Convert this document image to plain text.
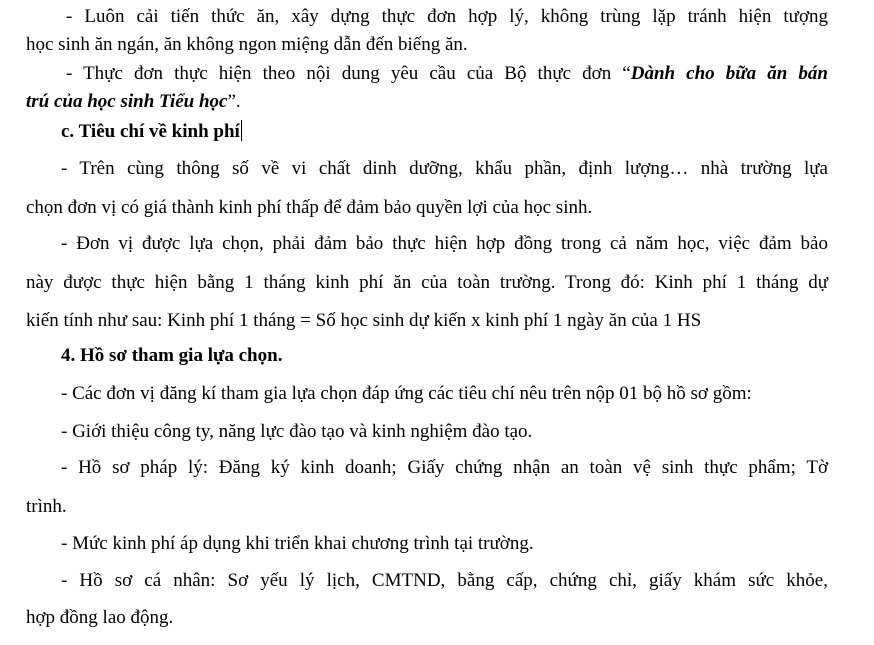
- Luôn cải tiến thức ăn, xây dựng thực đơn hợp lý, không trùng lặp tránh hiện tượng
học sinh ăn ngán, ăn không ngon miệng dẫn đến biếng ăn.
- Thực đơn thực hiện theo nội dung yêu cầu của Bộ thực đơn “Dành cho bữa ăn bán
trú của học sinh Tiểu học”.
c. Tiêu chí về kinh phí
- Trên cùng thông số về vi chất dinh dưỡng, khẩu phần, định lượng… nhà trường lựa
chọn đơn vị có giá thành kinh phí thấp để đảm bảo quyền lợi của học sinh.
- Đơn vị được lựa chọn, phải đảm bảo thực hiện hợp đồng trong cả năm học, việc đảm bảo
này được thực hiện bằng 1 tháng kinh phí ăn của toàn trường. Trong đó: Kinh phí 1 tháng dự
kiến tính như sau: Kinh phí 1 tháng = Số học sinh dự kiến x kinh phí 1 ngày ăn của 1 HS
4. Hồ sơ tham gia lựa chọn.
- Các đơn vị đăng kí tham gia lựa chọn đáp ứng các tiêu chí nêu trên nộp 01 bộ hồ sơ gồm:
- Giới thiệu công ty, năng lực đào tạo và kinh nghiệm đào tạo.
- Hồ sơ pháp lý: Đăng ký kinh doanh; Giấy chứng nhận an toàn vệ sinh thực phẩm; Tờ
trình.
- Mức kinh phí áp dụng khi triển khai chương trình tại trường.
- Hồ sơ cá nhân: Sơ yếu lý lịch, CMTND, bằng cấp, chứng chỉ, giấy khám sức khỏe,
hợp đồng lao động.
